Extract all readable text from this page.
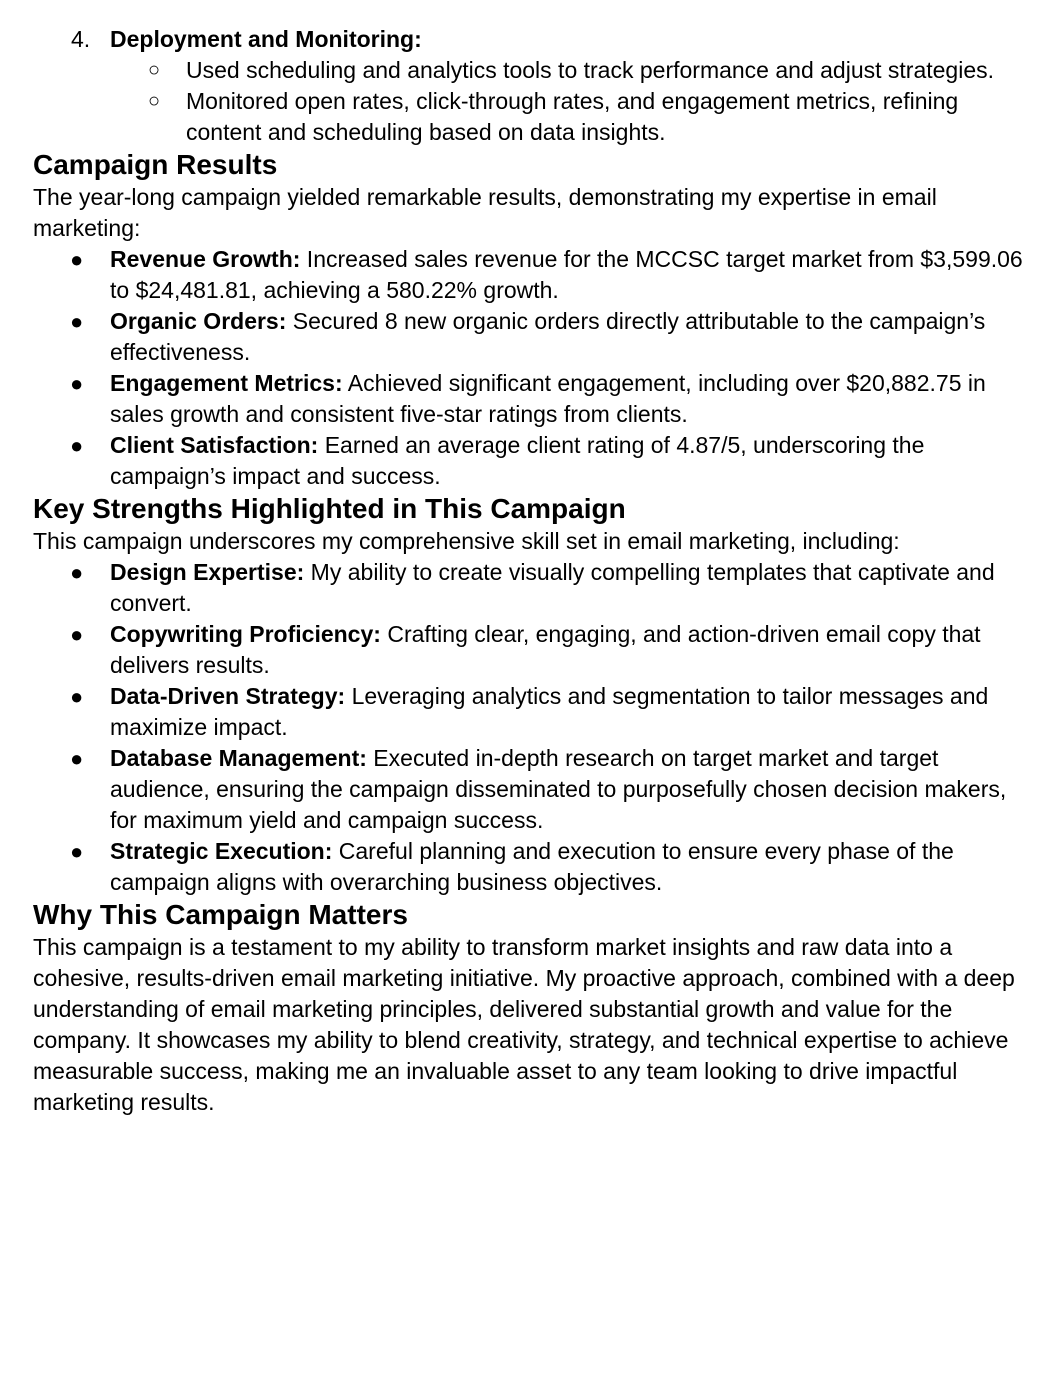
4. Deployment and Monitoring:
○ Used scheduling and analytics tools to track performance and adjust strategies.
○ Monitored open rates, click-through rates, and engagement metrics, refining content and scheduling based on data insights.
Campaign Results

The year-long campaign yielded remarkable results, demonstrating my expertise in email marketing:

● Revenue Growth: Increased sales revenue for the MCCSC target market from $3,599.06 to $24,481.81, achieving a 580.22% growth.
● Organic Orders: Secured 8 new organic orders directly attributable to the campaign’s effectiveness.
● Engagement Metrics: Achieved significant engagement, including over $20,882.75 in sales growth and consistent five-star ratings from clients.
● Client Satisfaction: Earned an average client rating of 4.87/5, underscoring the campaign’s impact and success.
Key Strengths Highlighted in This Campaign

This campaign underscores my comprehensive skill set in email marketing, including:

● Design Expertise: My ability to create visually compelling templates that captivate and convert.
● Copywriting Proficiency: Crafting clear, engaging, and action-driven email copy that delivers results.
● Data-Driven Strategy: Leveraging analytics and segmentation to tailor messages and maximize impact.
● Database Management: Executed in-depth research on target market and target audience, ensuring the campaign disseminated to purposefully chosen decision makers, for maximum yield and campaign success.
● Strategic Execution: Careful planning and execution to ensure every phase of the campaign aligns with overarching business objectives.
Why This Campaign Matters

This campaign is a testament to my ability to transform market insights and raw data into a cohesive, results-driven email marketing initiative. My proactive approach, combined with a deep understanding of email marketing principles, delivered substantial growth and value for the company. It showcases my ability to blend creativity, strategy, and technical expertise to achieve measurable success, making me an invaluable asset to any team looking to drive impactful marketing results.
